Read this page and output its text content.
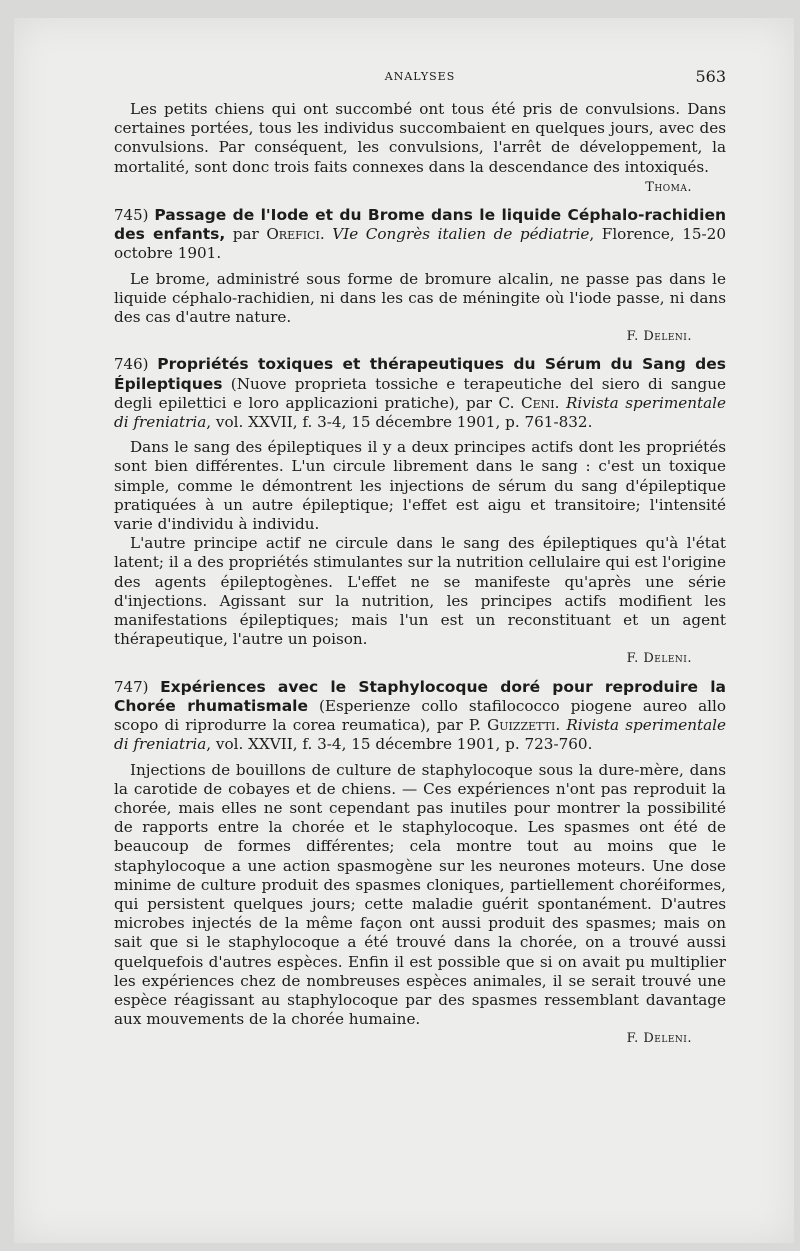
ANALYSES	563

Les petits chiens qui ont succombé ont tous été pris de convulsions. Dans certaines portées, tous les individus succombaient en quelques jours, avec des convulsions. Par conséquent, les convulsions, l'arrêt de développement, la mortalité, sont donc trois faits connexes dans la descendance des intoxiqués.

Thoma.

745) Passage de l'Iode et du Brome dans le liquide Céphalo-rachidien des enfants, par Orefici. VIe Congrès italien de pédiatrie, Florence, 15-20 octobre 1901.

Le brome, administré sous forme de bromure alcalin, ne passe pas dans le liquide céphalo-rachidien, ni dans les cas de méningite où l'iode passe, ni dans des cas d'autre nature.

F. Deleni.

746) Propriétés toxiques et thérapeutiques du Sérum du Sang des Épileptiques (Nuove proprieta tossiche e terapeutiche del siero di sangue degli epilettici e loro applicazioni pratiche), par C. Ceni. Rivista sperimentale di freniatria, vol. XXVII, f. 3-4, 15 décembre 1901, p. 761-832.

Dans le sang des épileptiques il y a deux principes actifs dont les propriétés sont bien différentes. L'un circule librement dans le sang : c'est un toxique simple, comme le démontrent les injections de sérum du sang d'épileptique pratiquées à un autre épileptique; l'effet est aigu et transitoire; l'intensité varie d'individu à individu.

L'autre principe actif ne circule dans le sang des épileptiques qu'à l'état latent; il a des propriétés stimulantes sur la nutrition cellulaire qui est l'origine des agents épileptogènes. L'effet ne se manifeste qu'après une série d'injections. Agissant sur la nutrition, les principes actifs modifient les manifestations épileptiques; mais l'un est un reconstituant et un agent thérapeutique, l'autre un poison.

F. Deleni.

747) Expériences avec le Staphylocoque doré pour reproduire la Chorée rhumatismale (Esperienze collo stafilococco piogene aureo allo scopo di riprodurre la corea reumatica), par P. Guizzetti. Rivista sperimentale di freniatria, vol. XXVII, f. 3-4, 15 décembre 1901, p. 723-760.

Injections de bouillons de culture de staphylocoque sous la dure-mère, dans la carotide de cobayes et de chiens. — Ces expériences n'ont pas reproduit la chorée, mais elles ne sont cependant pas inutiles pour montrer la possibilité de rapports entre la chorée et le staphylocoque. Les spasmes ont été de beaucoup de formes différentes; cela montre tout au moins que le staphylocoque a une action spasmogène sur les neurones moteurs. Une dose minime de culture produit des spasmes cloniques, partiellement choréiformes, qui persistent quelques jours; cette maladie guérit spontanément. D'autres microbes injectés de la même façon ont aussi produit des spasmes; mais on sait que si le staphylocoque a été trouvé dans la chorée, on a trouvé aussi quelquefois d'autres espèces. Enfin il est possible que si on avait pu multiplier les expériences chez de nombreuses espèces animales, il se serait trouvé une espèce réagissant au staphylocoque par des spasmes ressemblant davantage aux mouvements de la chorée humaine.

F. Deleni.
